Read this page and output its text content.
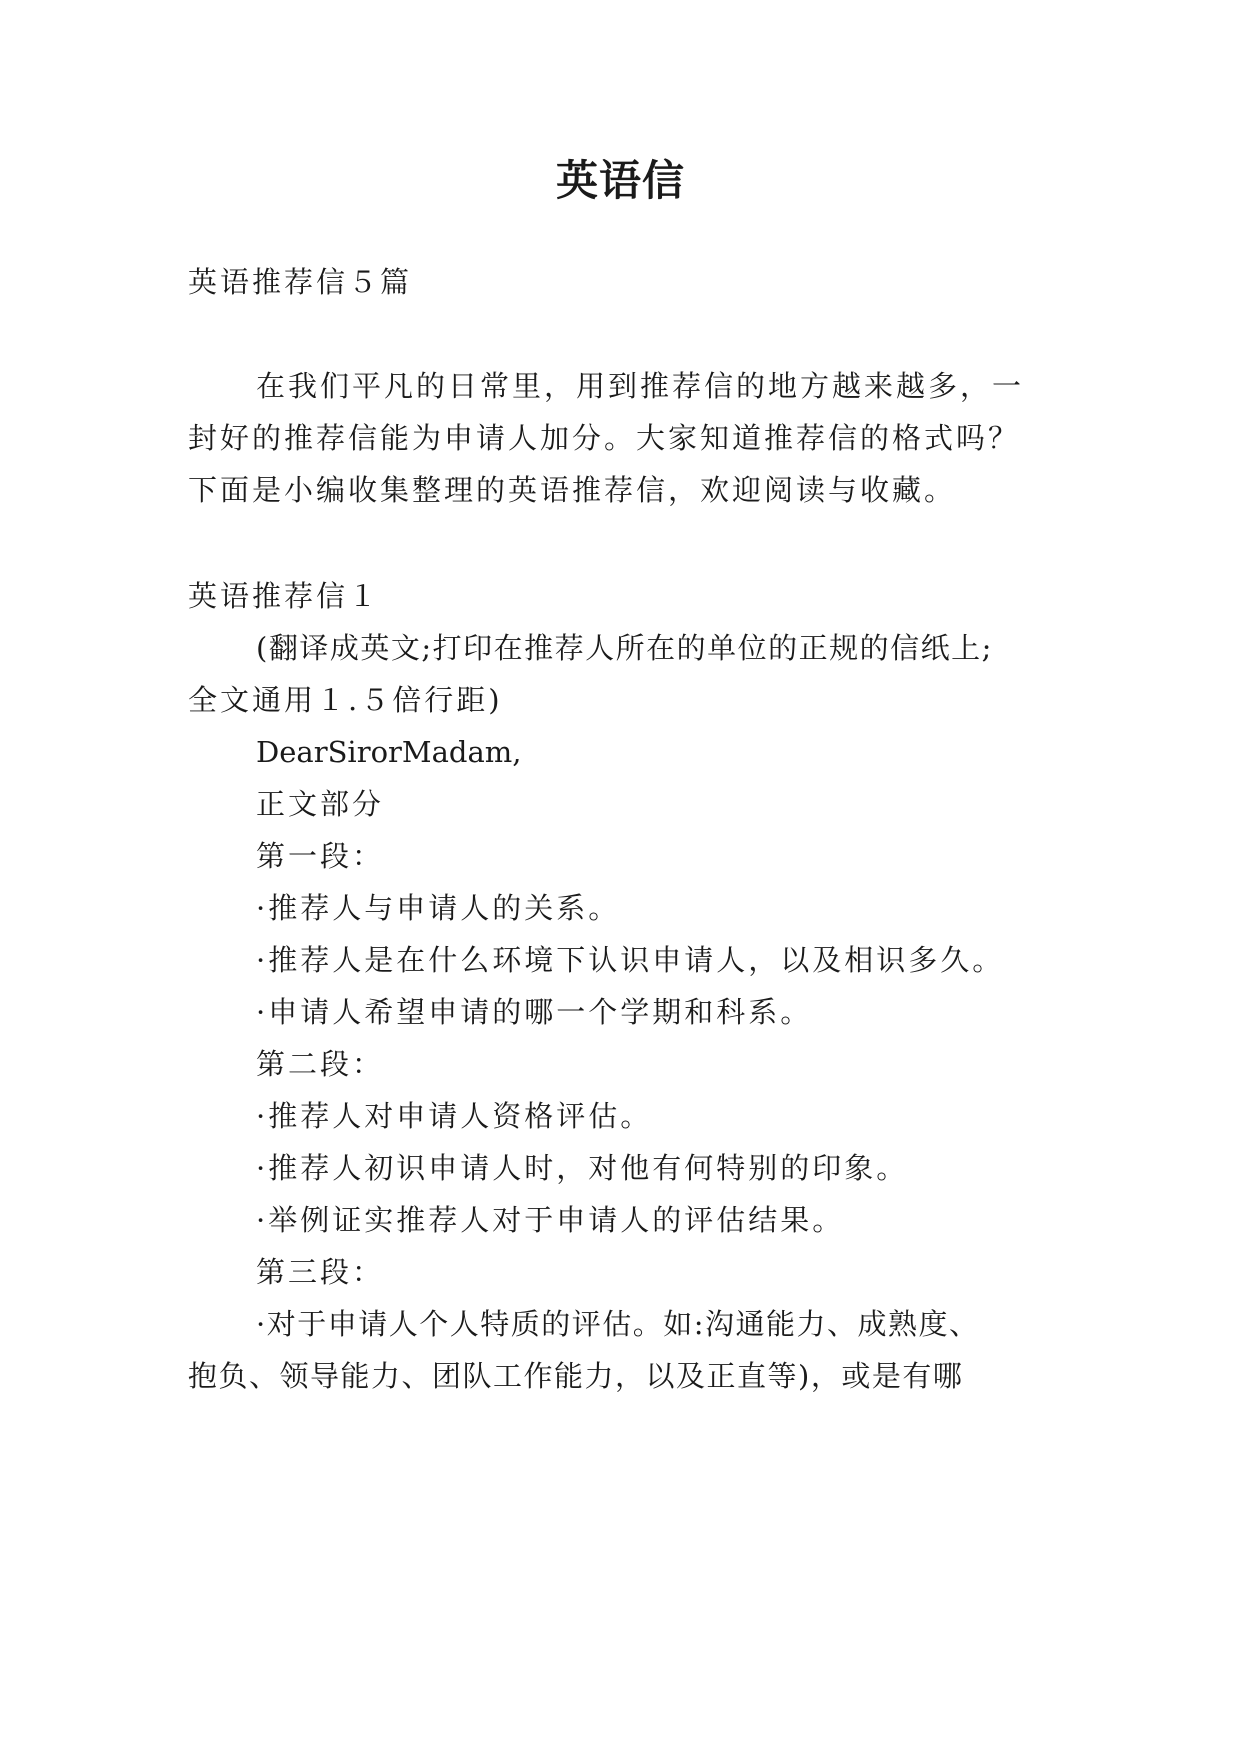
英语信

英语推荐信５篇

在我们平凡的日常里，用到推荐信的地方越来越多，一

封好的推荐信能为申请人加分。大家知道推荐信的格式吗？

下面是小编收集整理的英语推荐信，欢迎阅读与收藏。

英语推荐信１

(翻译成英文;打印在推荐人所在的单位的正规的信纸上;

全文通用１.５倍行距)

DearSirorMadam,

正文部分

第一段：

·推荐人与申请人的关系。

·推荐人是在什么环境下认识申请人，以及相识多久。

·申请人希望申请的哪一个学期和科系。

第二段：

·推荐人对申请人资格评估。

·推荐人初识申请人时，对他有何特别的印象。

·举例证实推荐人对于申请人的评估结果。

第三段：

·对于申请人个人特质的评估。如:沟通能力、成熟度、

抱负、领导能力、团队工作能力，以及正直等)，或是有哪
